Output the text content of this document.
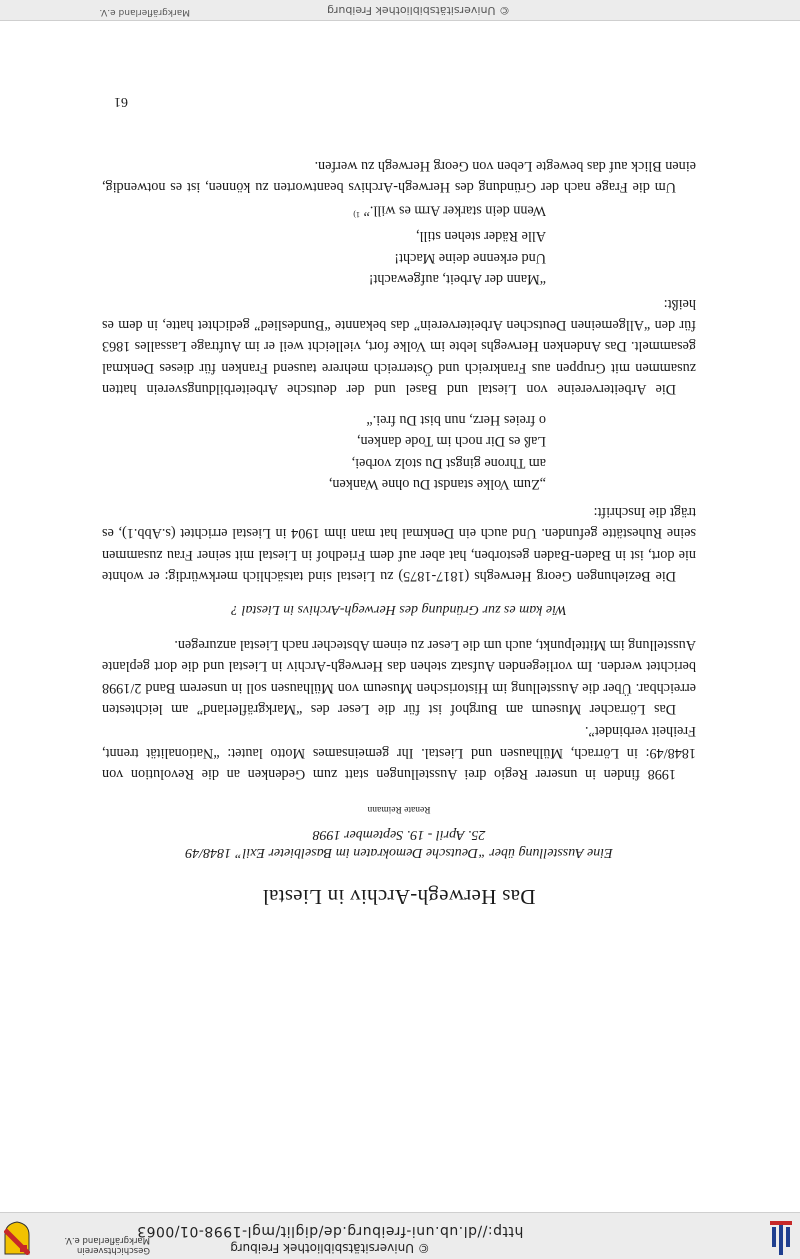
© Universitätsbibliothek Freiburg
http://dl.ub.uni-freiburg.de/diglit/mgl-1998-01/0063
Geschichtsverein
Markgräflerland e.V.
Das Herwegh-Archiv in Liestal
Eine Ausstellung über “Deutsche Demokraten im Baselbieter Exil” 1848/49
25. April - 19. September 1998
Renate Reimann
1998 finden in unserer Regio drei Ausstellungen statt zum Gedenken an die Revolution von 1848/49: in Lörrach, Mülhausen und Liestal. Ihr gemeinsames Motto lautet: “Nationalität trennt, Freiheit verbindet”.
Das Lörracher Museum am Burghof ist für die Leser des “Markgräflerland” am leichtesten erreichbar. Über die Ausstellung im Historischen Museum von Mülhausen soll in unserem Band 2/1998 berichtet werden. Im vorliegenden Aufsatz stehen das Herwegh-Archiv in Liestal und die dort geplante Ausstellung im Mittelpunkt, auch um die Leser zu einem Abstecher nach Liestal anzuregen.
Wie kam es zur Gründung des Herwegh-Archivs in Liestal ?
Die Beziehungen Georg Herweghs (1817-1875) zu Liestal sind tatsächlich merkwürdig: er wohnte nie dort, ist in Baden-Baden gestorben, hat aber auf dem Friedhof in Liestal mit seiner Frau zusammen seine Ruhestätte gefunden. Und auch ein Denkmal hat man ihm 1904 in Liestal errichtet (s.Abb.1), es trägt die Inschrift:
„Zum Volke standst Du ohne Wanken,
am Throne gingst Du stolz vorbei,
Laß es Dir noch im Tode danken,
o freies Herz, nun bist Du frei.“
Die Arbeitervereine von Liestal und Basel und der deutsche Arbeiterbildungsverein hatten zusammen mit Gruppen aus Frankreich und Österreich mehrere tausend Franken für dieses Denkmal gesammelt. Das Andenken Herweghs lebte im Volke fort, vielleicht weil er im Auftrage Lassalles 1863 für den “Allgemeinen Deutschen Arbeiterverein” das bekannte “Bundeslied” gedichtet hatte, in dem es heißt:
“Mann der Arbeit, aufgewacht!
Und erkenne deine Macht!
Alle Räder stehen still,
Wenn dein starker Arm es will.” $^{1)}$
Um die Frage nach der Gründung des Herwegh-Archivs beantworten zu können, ist es notwendig, einen Blick auf das bewegte Leben von Georg Herwegh zu werfen.
61
© Universitätsbibliothek Freiburg
Markgräflerland e.V.
